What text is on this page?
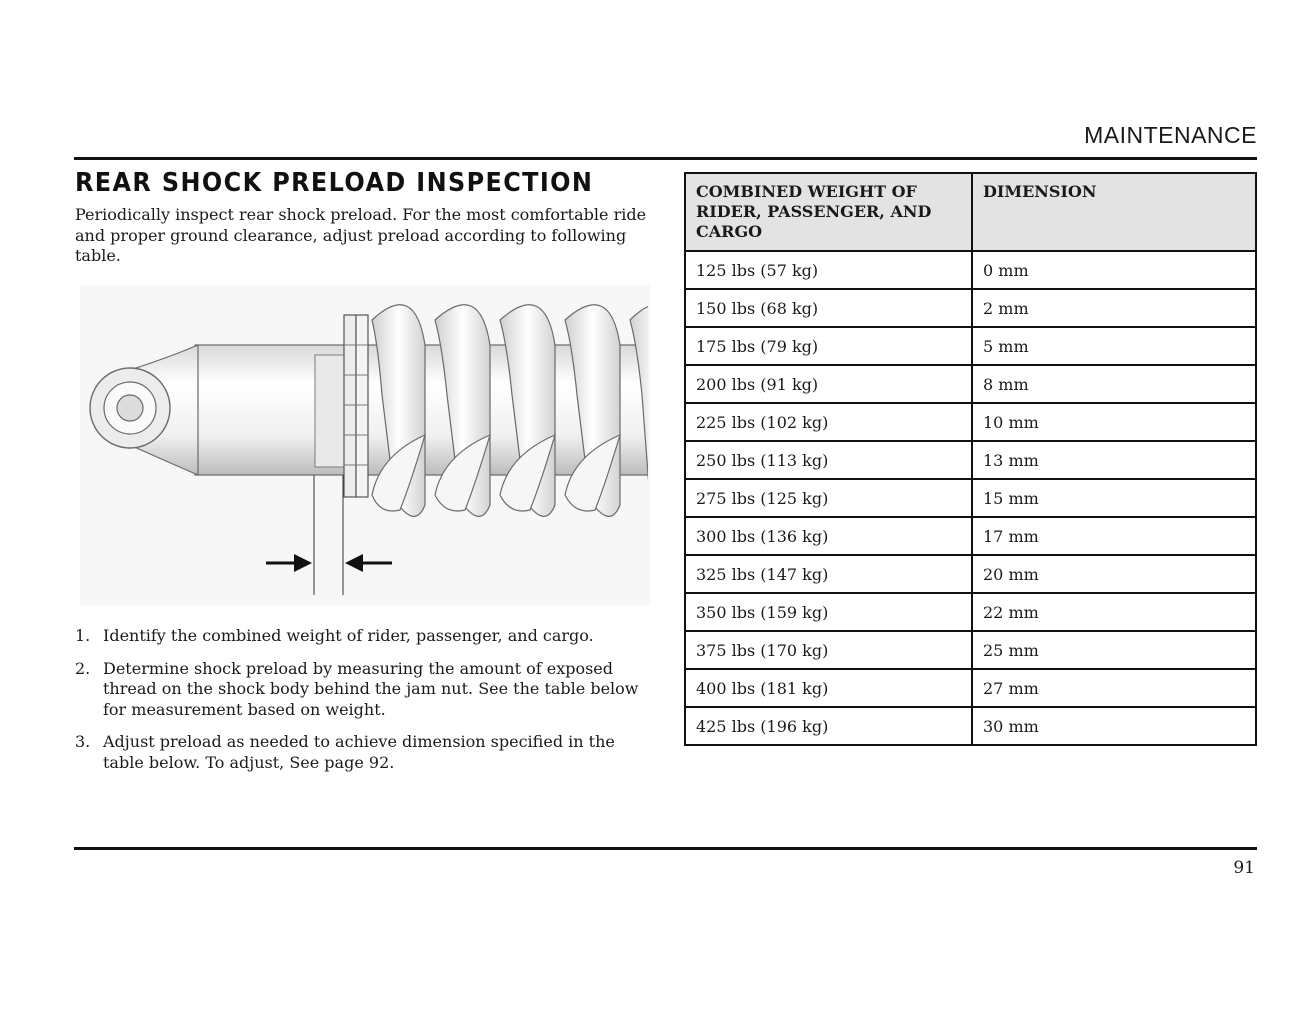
MAINTENANCE
REAR SHOCK PRELOAD INSPECTION

Periodically inspect rear shock preload. For the most comfortable ride and proper ground clearance, adjust preload according to following table.

1. Identify the combined weight of rider, passenger, and cargo.
2. Determine shock preload by measuring the amount of exposed thread on the shock body behind the jam nut. See the table below for measurement based on weight.
3. Adjust preload as needed to achieve dimension specified in the table below. To adjust, See page 92.
COMBINED WEIGHT OF RIDER, PASSENGER, AND CARGO	DIMENSION
125 lbs (57 kg)	0 mm
150 lbs (68 kg)	2 mm
175 lbs (79 kg)	5 mm
200 lbs (91 kg)	8 mm
225 lbs (102 kg)	10 mm
250 lbs (113 kg)	13 mm
275 lbs (125 kg)	15 mm
300 lbs (136 kg)	17 mm
325 lbs (147 kg)	20 mm
350 lbs (159 kg)	22 mm
375 lbs (170 kg)	25 mm
400 lbs (181 kg)	27 mm
425 lbs (196 kg)	30 mm
91
